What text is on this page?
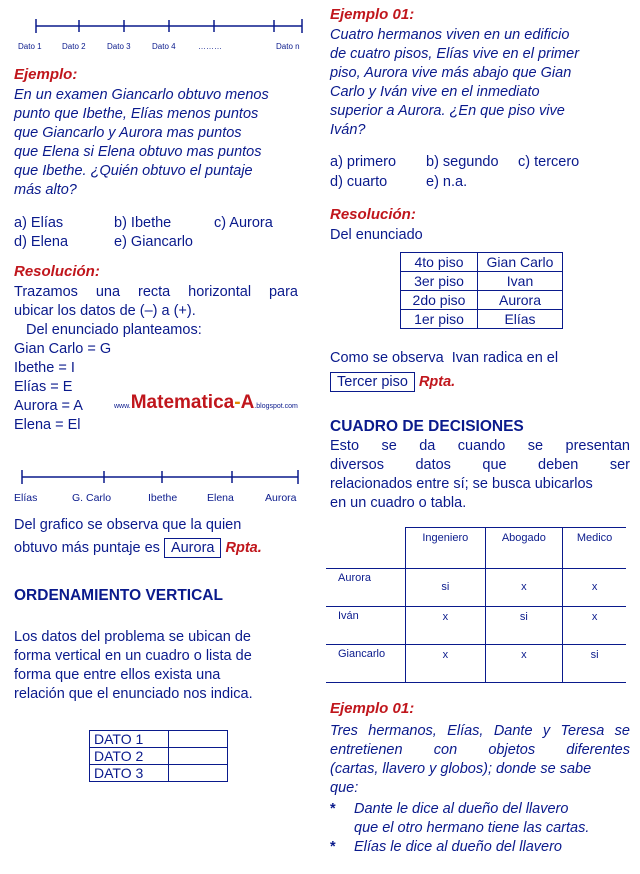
Dato 1	Dato 2	Dato 3	Dato 4	………	Dato n
Ejemplo:
En un examen Giancarlo obtuvo menos
punto que Ibethe, Elías menos puntos
que Giancarlo y Aurora mas puntos
que Elena si Elena obtuvo mas puntos
que Ibethe. ¿Quién obtuvo el puntaje
más alto?
a) Elías	b) Ibethe	c) Aurora
d) Elena	e) Giancarlo
Resolución:
Trazamos una recta horizontal para
ubicar los datos de (–) a (+).
Del enunciado planteamos:
Gian Carlo = G
Ibethe = I
Elías = E
Aurora = A
Elena = El
www.Matematica-A.blogspot.com
Elías	G. Carlo	Ibethe	Elena	Aurora
Del grafico se observa que la quien
obtuvo más puntaje es Aurora Rpta.
ORDENAMIENTO VERTICAL
Los datos del problema se ubican de
forma vertical en un cuadro o lista de
forma que entre ellos exista una
relación que el enunciado nos indica.
DATO 1	
DATO 2	
DATO 3	
Ejemplo 01:
Cuatro hermanos viven en un edificio
de cuatro pisos, Elías vive en el primer
piso, Aurora vive más abajo que Gian
Carlo y Iván vive en el inmediato
superior a Aurora. ¿En que piso vive
Iván?
a) primero b) segundo c) tercero
d) cuarto	e) n.a.
Resolución:
Del enunciado
4to piso	Gian Carlo
3er piso	Ivan
2do piso	Aurora
1er piso	Elías
Como se observa  Ivan radica en el
Tercer piso Rpta.
CUADRO DE DECISIONES
Esto se da cuando se presentan
diversos datos que deben ser
relacionados entre sí; se busca ubicarlos
en un cuadro o tabla.
	Ingeniero	Abogado	Medico
Aurora	si	x	x
Iván	x	si	x
Giancarlo	x	x	si
Ejemplo 01:
Tres hermanos, Elías, Dante y Teresa se
entretienen con objetos diferentes
(cartas, llavero y globos); donde se sabe
que:
*	Dante le dice al dueño del llavero
que el otro hermano tiene las cartas.
*	Elías le dice al dueño del llavero
